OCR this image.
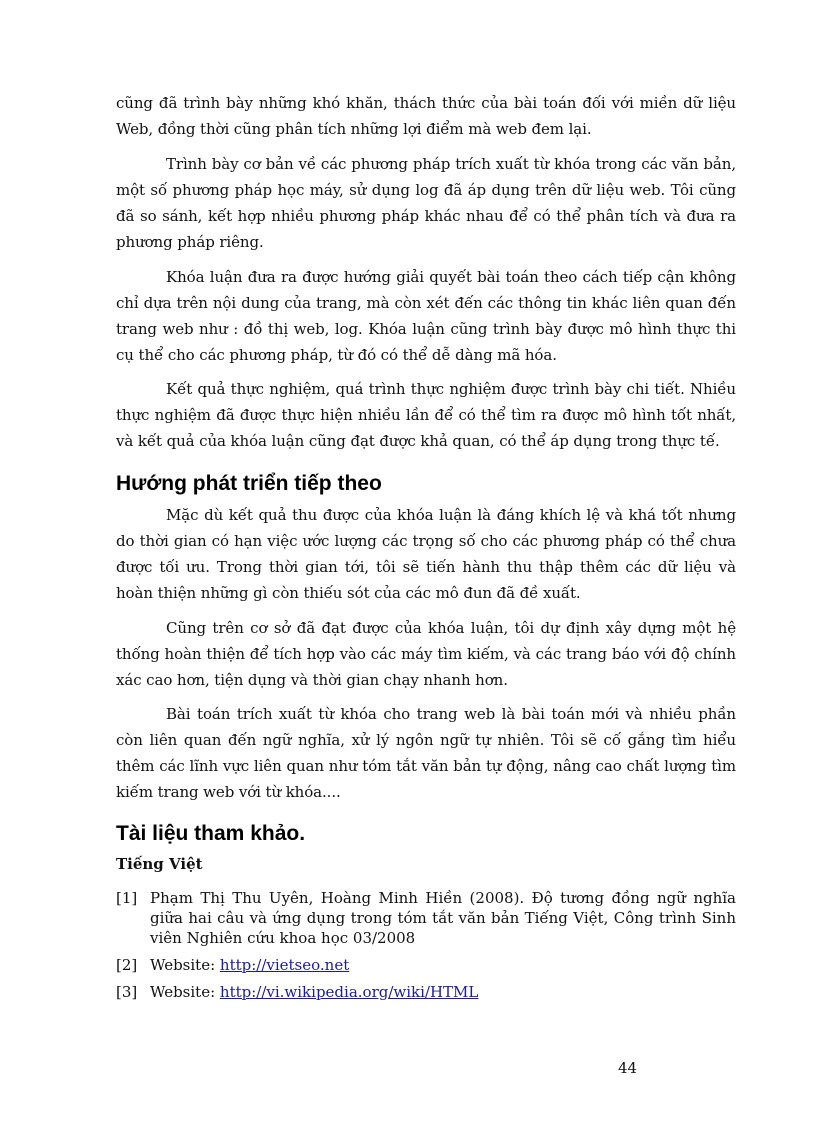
cũng đã trình bày những khó khăn, thách thức của bài toán đối với miền dữ liệu Web, đồng thời cũng phân tích những lợi điểm mà web đem lại.

Trình bày cơ bản về các phương pháp trích xuất từ khóa trong các văn bản, một số phương pháp học máy, sử dụng log đã áp dụng trên dữ liệu web. Tôi cũng đã so sánh, kết hợp nhiều phương pháp khác nhau để có thể phân tích và đưa ra phương pháp riêng.

Khóa luận đưa ra được hướng giải quyết bài toán theo cách tiếp cận không chỉ dựa trên nội dung của trang, mà còn xét đến các thông tin khác liên quan đến trang web như : đồ thị web, log. Khóa luận cũng trình bày được mô hình thực thi cụ thể cho các phương pháp, từ đó có thể dễ dàng mã hóa.

Kết quả thực nghiệm, quá trình thực nghiệm được trình bày chi tiết. Nhiều thực nghiệm đã được thực hiện nhiều lần để có thể tìm ra được mô hình tốt nhất, và kết quả của khóa luận cũng đạt được khả quan, có thể áp dụng trong thực tế.

Hướng phát triển tiếp theo

Mặc dù kết quả thu được của khóa luận là đáng khích lệ và khá tốt nhưng do thời gian có hạn việc ước lượng các trọng số cho các phương pháp có thể chưa được tối ưu. Trong thời gian tới, tôi sẽ tiến hành thu thập thêm các dữ liệu và hoàn thiện những gì còn thiếu sót của các mô đun đã đề xuất.

Cũng trên cơ sở đã đạt được của khóa luận, tôi dự định xây dựng một hệ thống hoàn thiện để tích hợp vào các máy tìm kiếm, và các trang báo với độ chính xác cao hơn, tiện dụng và thời gian chạy nhanh hơn.

Bài toán trích xuất từ khóa cho trang web là bài toán mới và nhiều phần còn liên quan đến ngữ nghĩa, xử lý ngôn ngữ tự nhiên. Tôi sẽ cố gắng tìm hiểu thêm các lĩnh vực liên quan như tóm tắt văn bản tự động, nâng cao chất lượng tìm kiếm trang web với từ khóa....

Tài liệu tham khảo.
Tiếng Việt
[1] Phạm Thị Thu Uyên, Hoàng Minh Hiền (2008). Độ tương đồng ngữ nghĩa giữa hai câu và ứng dụng trong tóm tắt văn bản Tiếng Việt, Công trình Sinh viên Nghiên cứu khoa học 03/2008
[2] Website: http://vietseo.net
[3] Website: http://vi.wikipedia.org/wiki/HTML
44
